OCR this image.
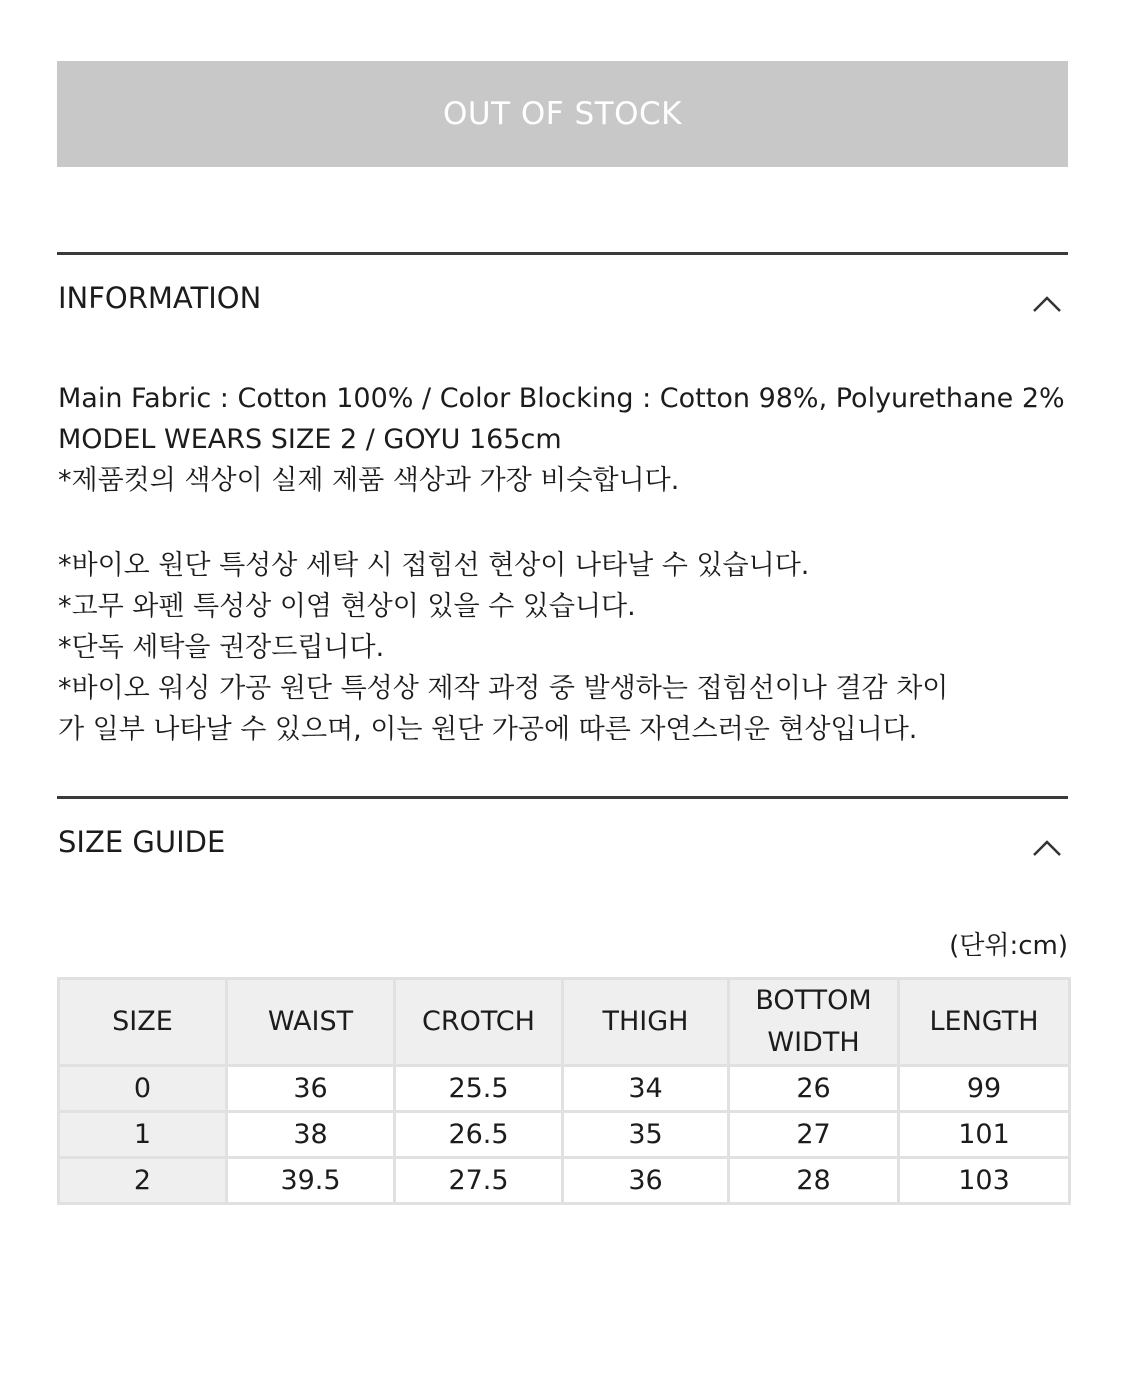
OUT OF STOCK
INFORMATION
Main Fabric : Cotton 100% / Color Blocking : Cotton 98%, Polyurethane 2%
MODEL WEARS SIZE 2 / GOYU 165cm
*제품컷의 색상이 실제 제품 색상과 가장 비슷합니다.
*바이오 원단 특성상 세탁 시 접힘선 현상이 나타날 수 있습니다.
*고무 와펜 특성상 이염 현상이 있을 수 있습니다.
*단독 세탁을 권장드립니다.
*바이오 워싱 가공 원단 특성상 제작 과정 중 발생하는 접힘선이나 결감 차이
가 일부 나타날 수 있으며, 이는 원단 가공에 따른 자연스러운 현상입니다.
SIZE GUIDE
(단위:cm)
SIZE	WAIST	CROTCH	THIGH	BOTTOM WIDTH	LENGTH
0	36	25.5	34	26	99
1	38	26.5	35	27	101
2	39.5	27.5	36	28	103
